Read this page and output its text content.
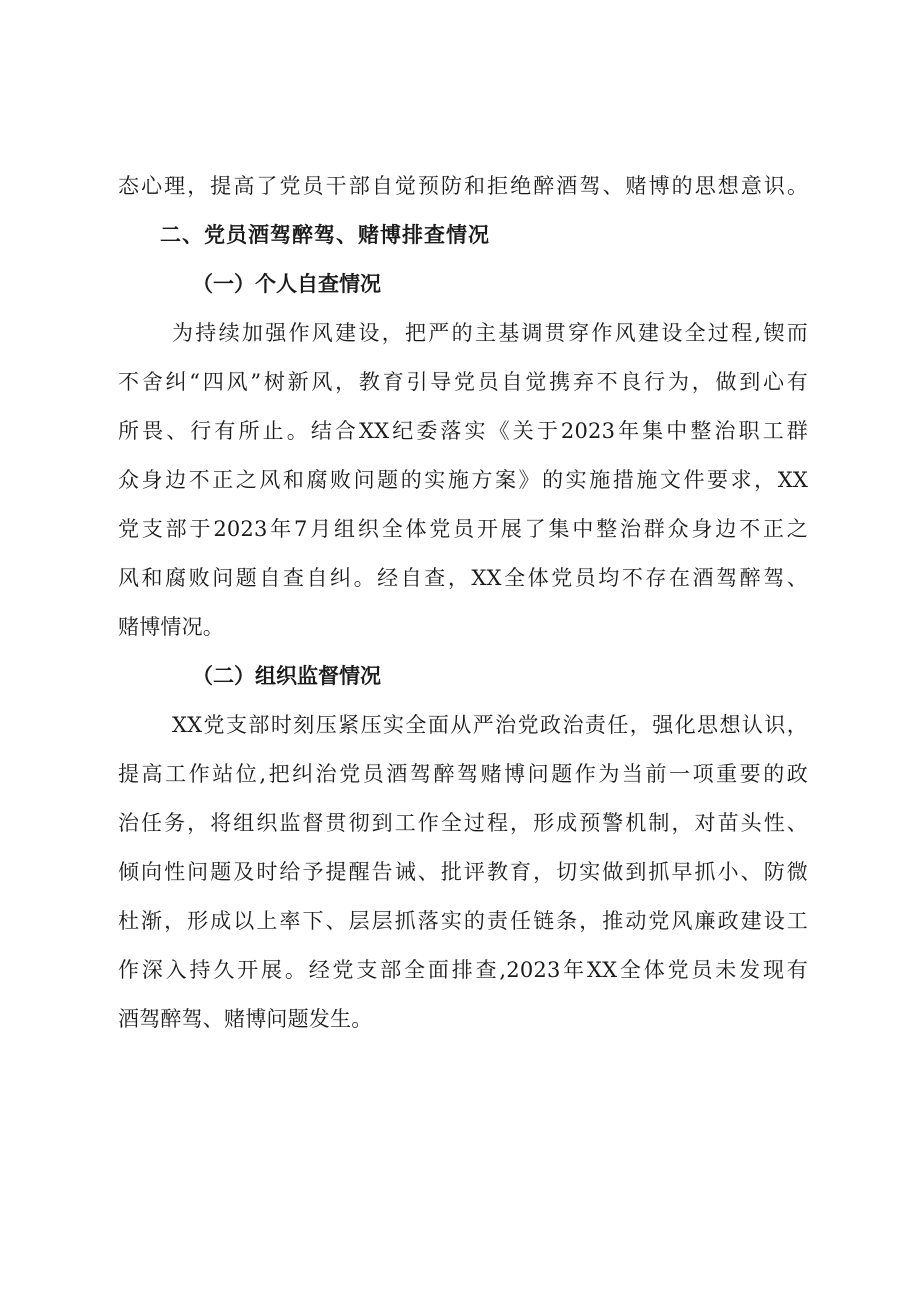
态心理，提高了党员干部自觉预防和拒绝醉酒驾、赌博的思想意识。
二、党员酒驾醉驾、赌博排查情况
（一）个人自查情况
为持续加强作风建设，把严的主基调贯穿作风建设全过程,锲而
不舍纠“四风”树新风，教育引导党员自觉携弃不良行为，做到心有
所畏、行有所止。结合XX纪委落实《关于2023年集中整治职工群
众身边不正之风和腐败问题的实施方案》的实施措施文件要求，XX
党支部于2023年7月组织全体党员开展了集中整治群众身边不正之
风和腐败问题自查自纠。经自查，XX全体党员均不存在酒驾醉驾、
赌博情况。
（二）组织监督情况
XX党支部时刻压紧压实全面从严治党政治责任，强化思想认识，
提高工作站位,把纠治党员酒驾醉驾赌博问题作为当前一项重要的政
治任务，将组织监督贯彻到工作全过程，形成预警机制，对苗头性、
倾向性问题及时给予提醒告诫、批评教育，切实做到抓早抓小、防微
杜渐，形成以上率下、层层抓落实的责任链条，推动党风廉政建设工
作深入持久开展。经党支部全面排查,2023年XX全体党员未发现有
酒驾醉驾、赌博问题发生。
